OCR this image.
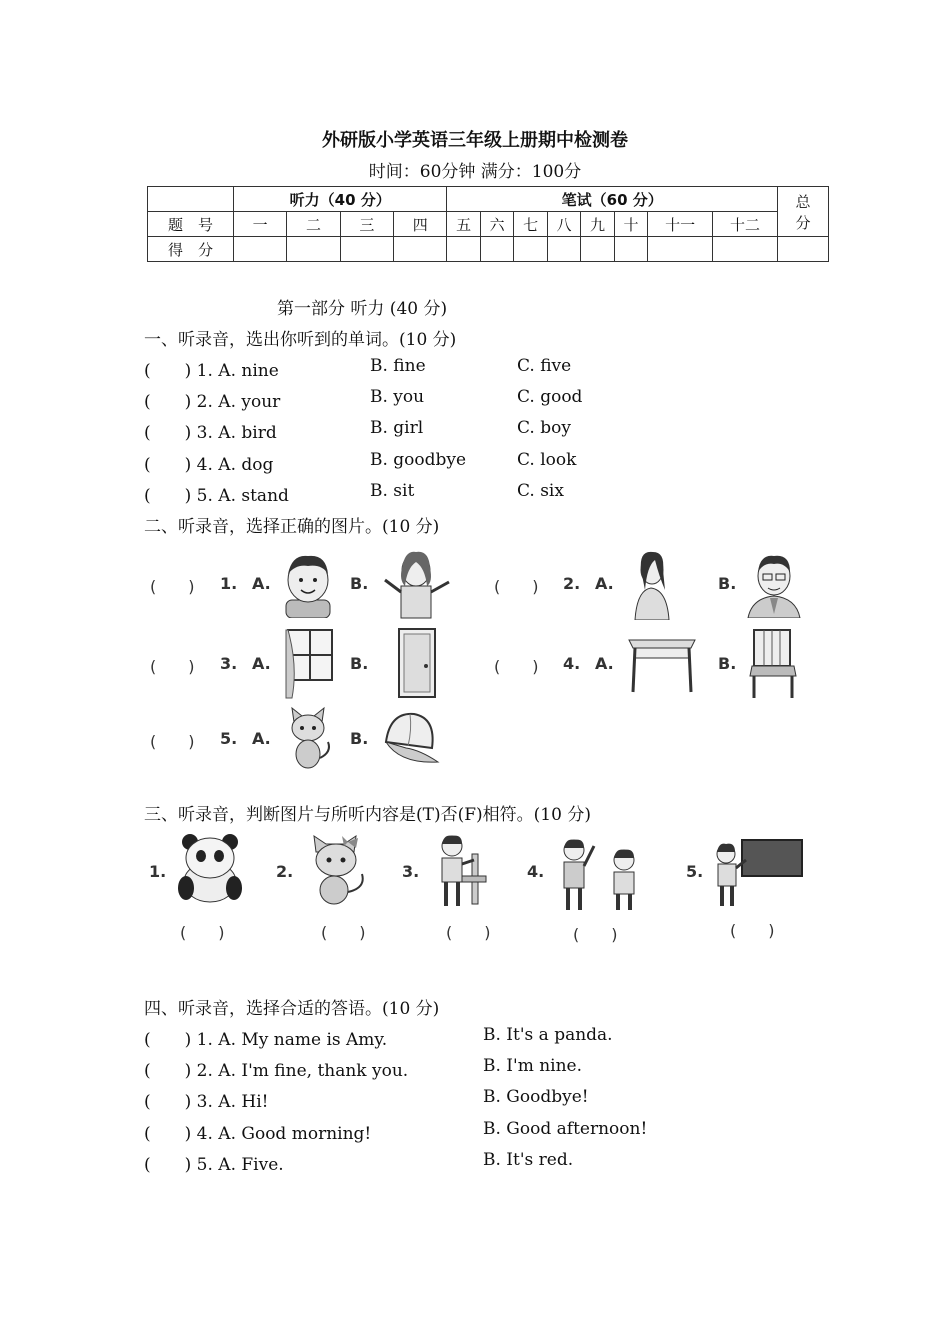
外研版小学英语三年级上册期中检测卷
时间：60分钟 满分：100分
	听力（40 分）				笔试（60 分）								总
分
题　号	一	二	三	四	五	六	七	八	九	十	十一	十二	
得　分													
第一部分 听力 (40 分)
一、听录音，选出你听到的单词。(10 分)
(　　) 1. A. nine	B. fine	C. five
(　　) 2. A. your	B. you	C. good
(　　) 3. A. bird	B. girl	C. boy
(　　) 4. A. dog	B. goodbye	C. look
(　　) 5. A. stand	B. sit	C. six
二、听录音，选择正确的图片。(10 分)
(　　) 1. A.	B.	(　　) 2. A.	B.
(　　) 3. A.	B.	(　　) 4. A.	B.
(　　) 5. A.	B.
三、听录音，判断图片与所听内容是(T)否(F)相符。(10 分)
1.
(　　)
2.
(　　)
3.
(　　)
4.
(　　)
5.
(　　)
四、听录音，选择合适的答语。(10 分)
(　　) 1. A. My name is Amy.	B. It's a panda.
(　　) 2. A. I'm fine, thank you.	B. I'm nine.
(　　) 3. A. Hi!	B. Goodbye!
(　　) 4. A. Good morning!	B. Good afternoon!
(　　) 5. A. Five.	B. It's red.
